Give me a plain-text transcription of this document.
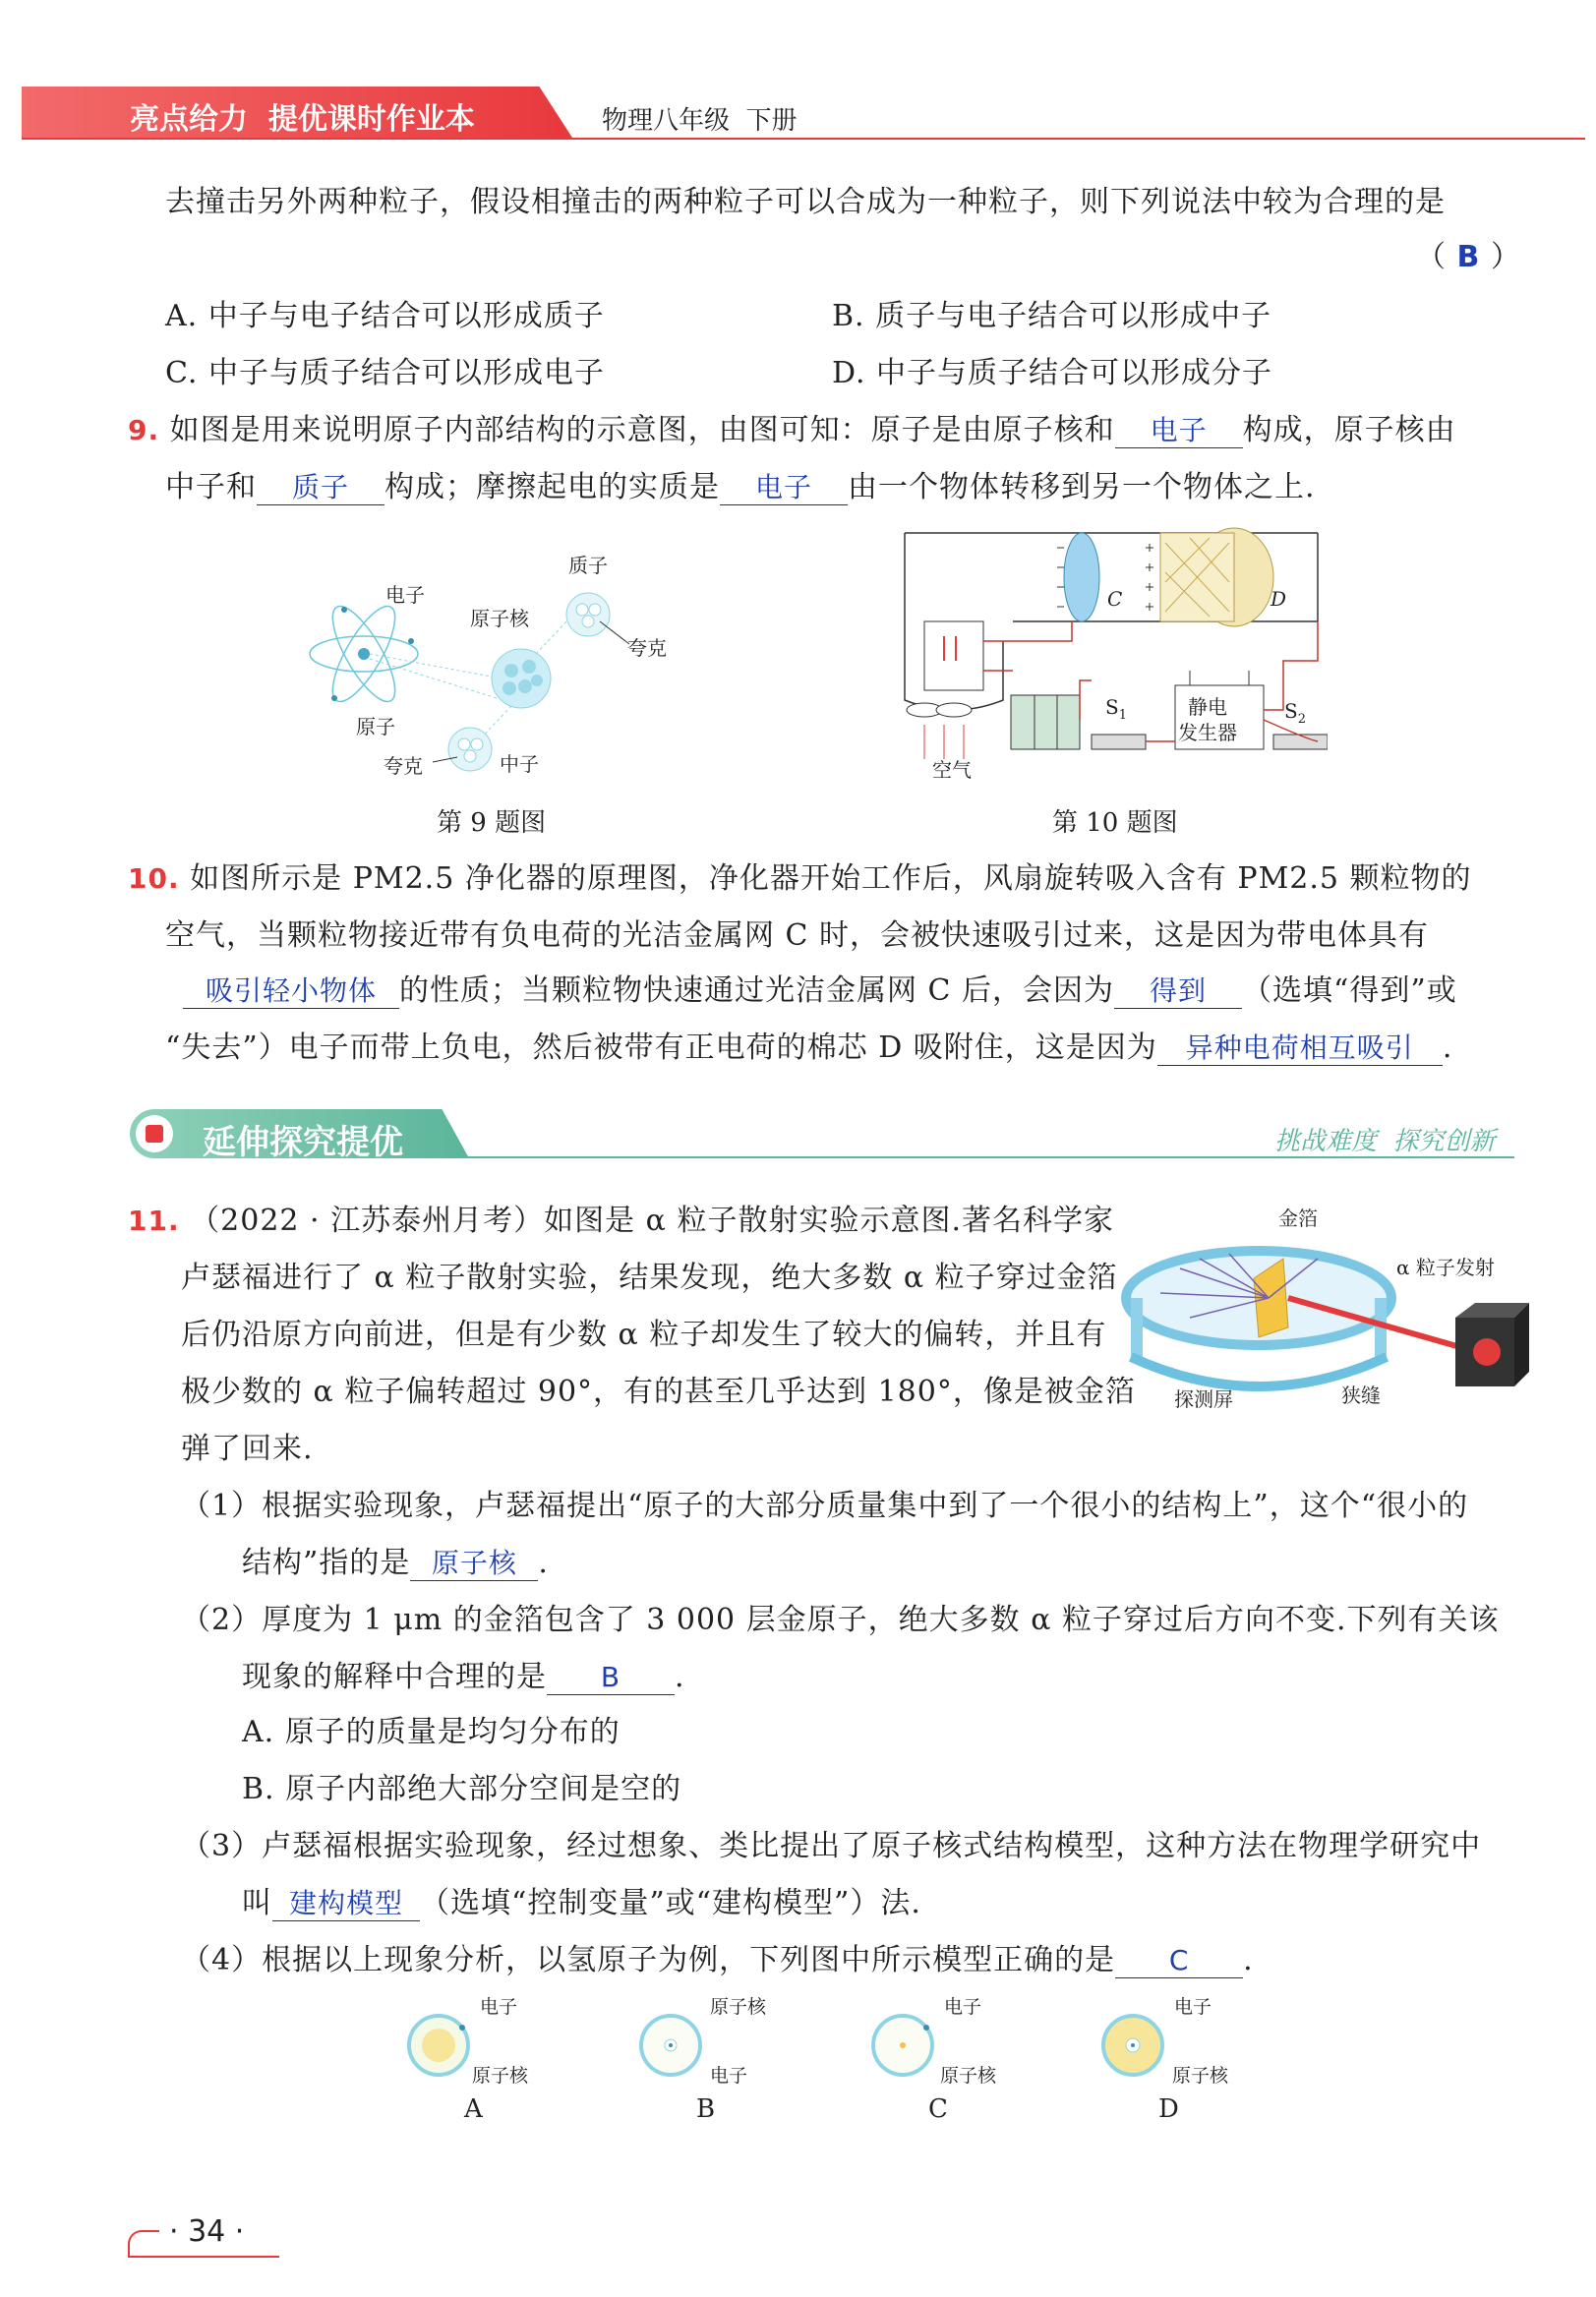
亮点给力  提优课时作业本	物理八年级  下册
去撞击另外两种粒子，假设相撞击的两种粒子可以合成为一种粒子，则下列说法中较为合理的是
（ B ）
A. 中子与电子结合可以形成质子	B. 质子与电子结合可以形成中子
C. 中子与质子结合可以形成电子	D. 中子与质子结合可以形成分子
9. 如图是用来说明原子内部结构的示意图，由图可知：原子是由原子核和 电子 构成，原子核由
中子和 质子 构成；摩擦起电的实质是 电子 由一个物体转移到另一个物体之上.
电子
原子核
质子
夸克
原子
夸克	中子
第 9 题图
C	D
$S_1$	$S_2$
静电
发生器
空气
第 10 题图
10. 如图所示是 PM2.5 净化器的原理图，净化器开始工作后，风扇旋转吸入含有 PM2.5 颗粒物的
空气，当颗粒物接近带有负电荷的光洁金属网 C 时，会被快速吸引过来，这是因为带电体具有
吸引轻小物体 的性质；当颗粒物快速通过光洁金属网 C 后，会因为 得到 （选填“得到”或
“失去”）电子而带上负电，然后被带有正电荷的棉芯 D 吸附住，这是因为 异种电荷相互吸引 .
延伸探究提优	挑战难度  探究创新
11. （2022 · 江苏泰州月考）如图是 α 粒子散射实验示意图.著名科学家
卢瑟福进行了 α 粒子散射实验，结果发现，绝大多数 α 粒子穿过金箔
后仍沿原方向前进，但是有少数 α 粒子却发生了较大的偏转，并且有
极少数的 α 粒子偏转超过 90°，有的甚至几乎达到 180°，像是被金箔
弹了回来.
金箔
α 粒子发射
探测屏	狭缝
（1）根据实验现象，卢瑟福提出“原子的大部分质量集中到了一个很小的结构上”，这个“很小的
结构”指的是 原子核 .
（2）厚度为 1 μm 的金箔包含了 3 000 层金原子，绝大多数 α 粒子穿过后方向不变.下列有关该
现象的解释中合理的是 B .
A. 原子的质量是均匀分布的
B. 原子内部绝大部分空间是空的
（3）卢瑟福根据实验现象，经过想象、类比提出了原子核式结构模型，这种方法在物理学研究中
叫 建构模型 （选填“控制变量”或“建构模型”）法.
（4）根据以上现象分析，以氢原子为例，下列图中所示模型正确的是 C .
电子
原子核
A
原子核
电子
B
电子
原子核
C
电子
原子核
D
· 34 ·
